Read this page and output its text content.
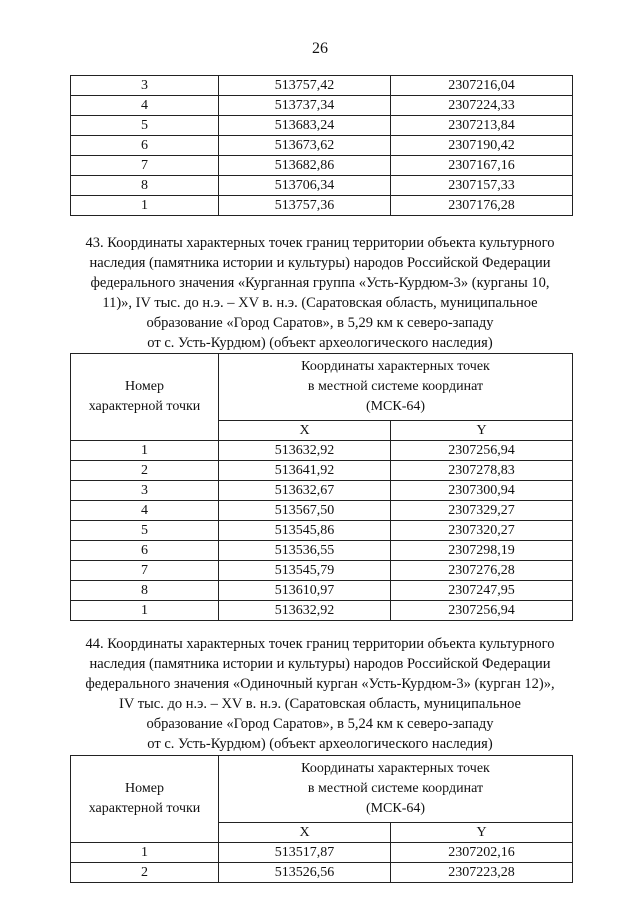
26
3	513757,42	2307216,04
4	513737,34	2307224,33
5	513683,24	2307213,84
6	513673,62	2307190,42
7	513682,86	2307167,16
8	513706,34	2307157,33
1	513757,36	2307176,28
43. Координаты характерных точек границ территории объекта культурного
наследия (памятника истории и культуры) народов Российской Федерации
федерального значения «Курганная группа «Усть-Курдюм-3» (курганы 10,
11)», IV тыс. до н.э. – XV в. н.э. (Саратовская область, муниципальное
образование «Город Саратов», в 5,29 км к северо-западу
от с. Усть-Курдюм) (объект археологического наследия)
Номер
характерной точки	Координаты характерных точек
в местной системе координат
(МСК-64)	

	X	Y
1	513632,92	2307256,94
2	513641,92	2307278,83
3	513632,67	2307300,94
4	513567,50	2307329,27
5	513545,86	2307320,27
6	513536,55	2307298,19
7	513545,79	2307276,28
8	513610,97	2307247,95
1	513632,92	2307256,94
44. Координаты характерных точек границ территории объекта культурного
наследия (памятника истории и культуры) народов Российской Федерации
федерального значения «Одиночный курган «Усть-Курдюм-3» (курган 12)»,
IV тыс. до н.э. – XV в. н.э. (Саратовская область, муниципальное
образование «Город Саратов», в 5,24 км к северо-западу
от с. Усть-Курдюм) (объект археологического наследия)
Номер
характерной точки	Координаты характерных точек
в местной системе координат
(МСК-64)	

	X	Y
1	513517,87	2307202,16
2	513526,56	2307223,28
